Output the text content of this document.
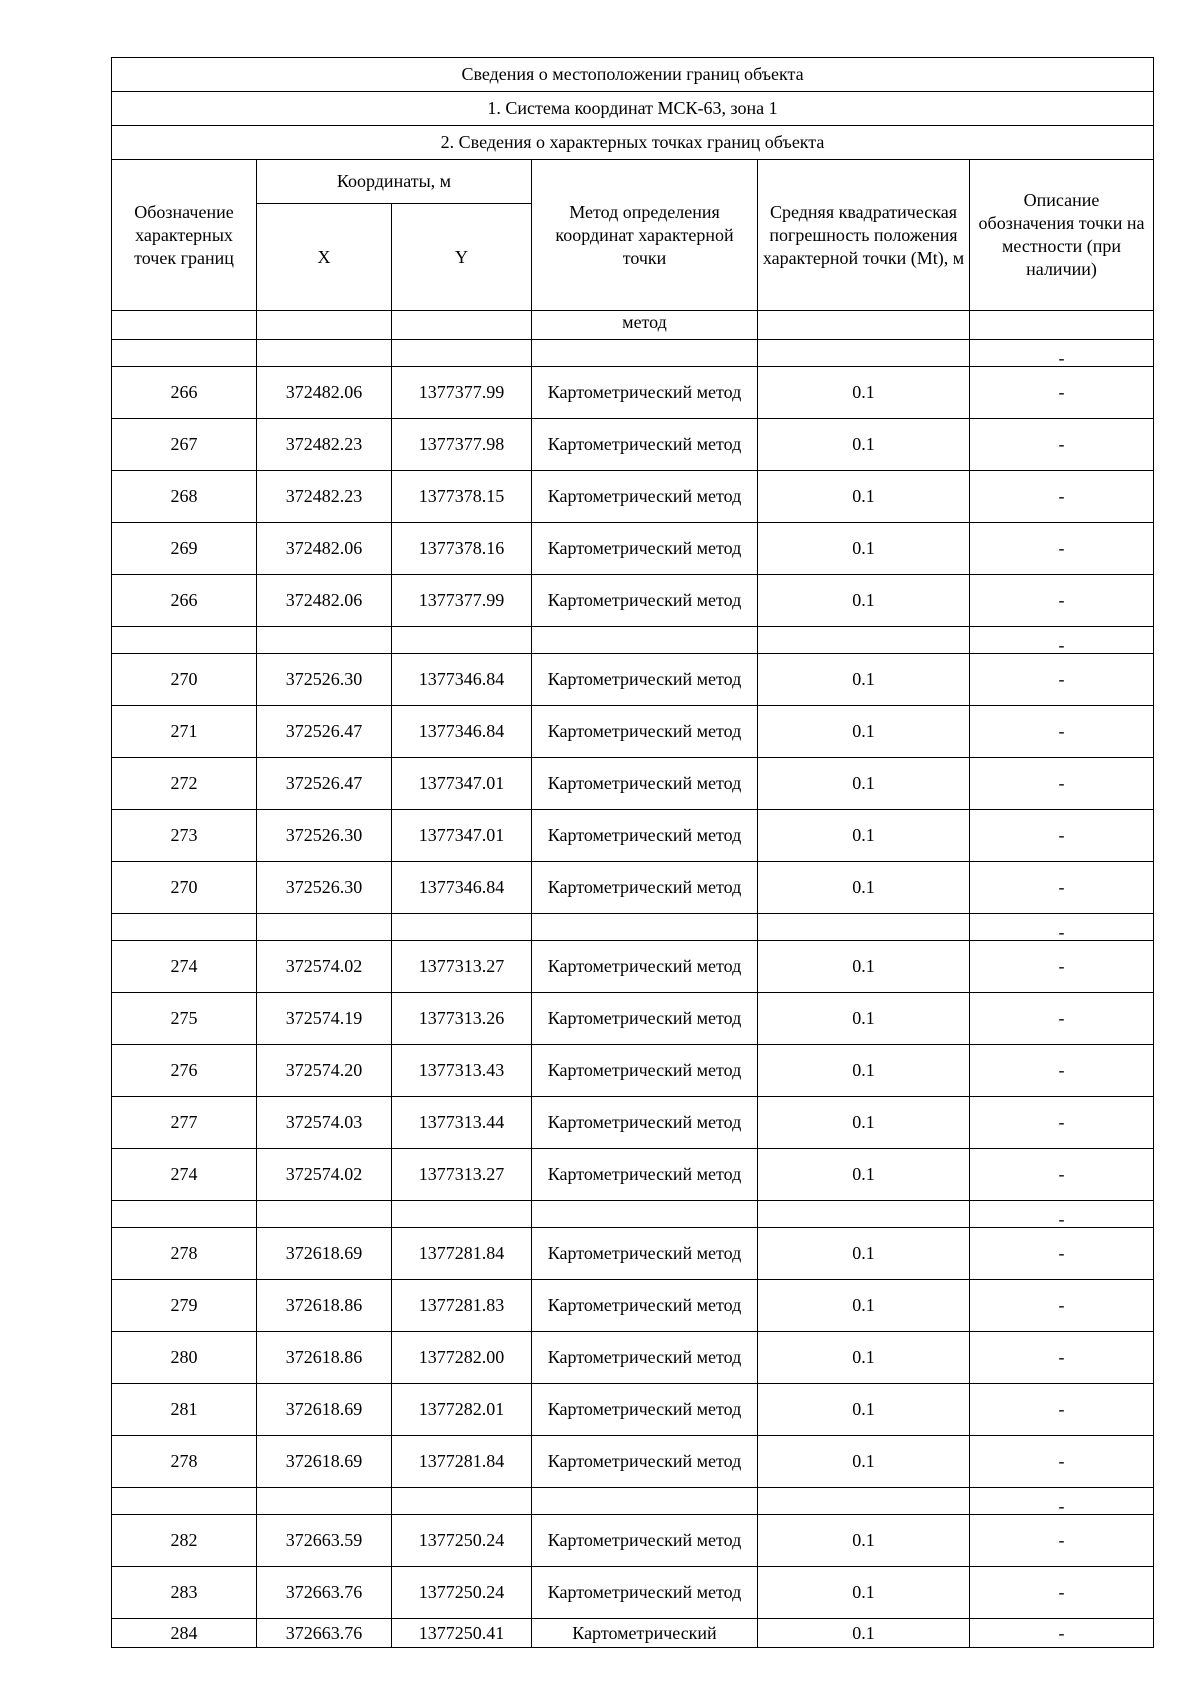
Сведения о местоположении границ объекта					
1. Система координат МСК-63, зона 1					
2. Сведения о характерных точках границ объекта					
Обозначение характерных точек границ	Координаты, м		Метод определения координат характерной точки	Средняя квадратическая погрешность положения характерной точки (Mt), м	Описание обозначения точки на местности (при наличии)
	X	Y			
			метод		
					-
266	372482.06	1377377.99	Картометрический метод	0.1	-
267	372482.23	1377377.98	Картометрический метод	0.1	-
268	372482.23	1377378.15	Картометрический метод	0.1	-
269	372482.06	1377378.16	Картометрический метод	0.1	-
266	372482.06	1377377.99	Картометрический метод	0.1	-
					-
270	372526.30	1377346.84	Картометрический метод	0.1	-
271	372526.47	1377346.84	Картометрический метод	0.1	-
272	372526.47	1377347.01	Картометрический метод	0.1	-
273	372526.30	1377347.01	Картометрический метод	0.1	-
270	372526.30	1377346.84	Картометрический метод	0.1	-
					-
274	372574.02	1377313.27	Картометрический метод	0.1	-
275	372574.19	1377313.26	Картометрический метод	0.1	-
276	372574.20	1377313.43	Картометрический метод	0.1	-
277	372574.03	1377313.44	Картометрический метод	0.1	-
274	372574.02	1377313.27	Картометрический метод	0.1	-
					-
278	372618.69	1377281.84	Картометрический метод	0.1	-
279	372618.86	1377281.83	Картометрический метод	0.1	-
280	372618.86	1377282.00	Картометрический метод	0.1	-
281	372618.69	1377282.01	Картометрический метод	0.1	-
278	372618.69	1377281.84	Картометрический метод	0.1	-
					-
282	372663.59	1377250.24	Картометрический метод	0.1	-
283	372663.76	1377250.24	Картометрический метод	0.1	-
284	372663.76	1377250.41	Картометрический	0.1	-
